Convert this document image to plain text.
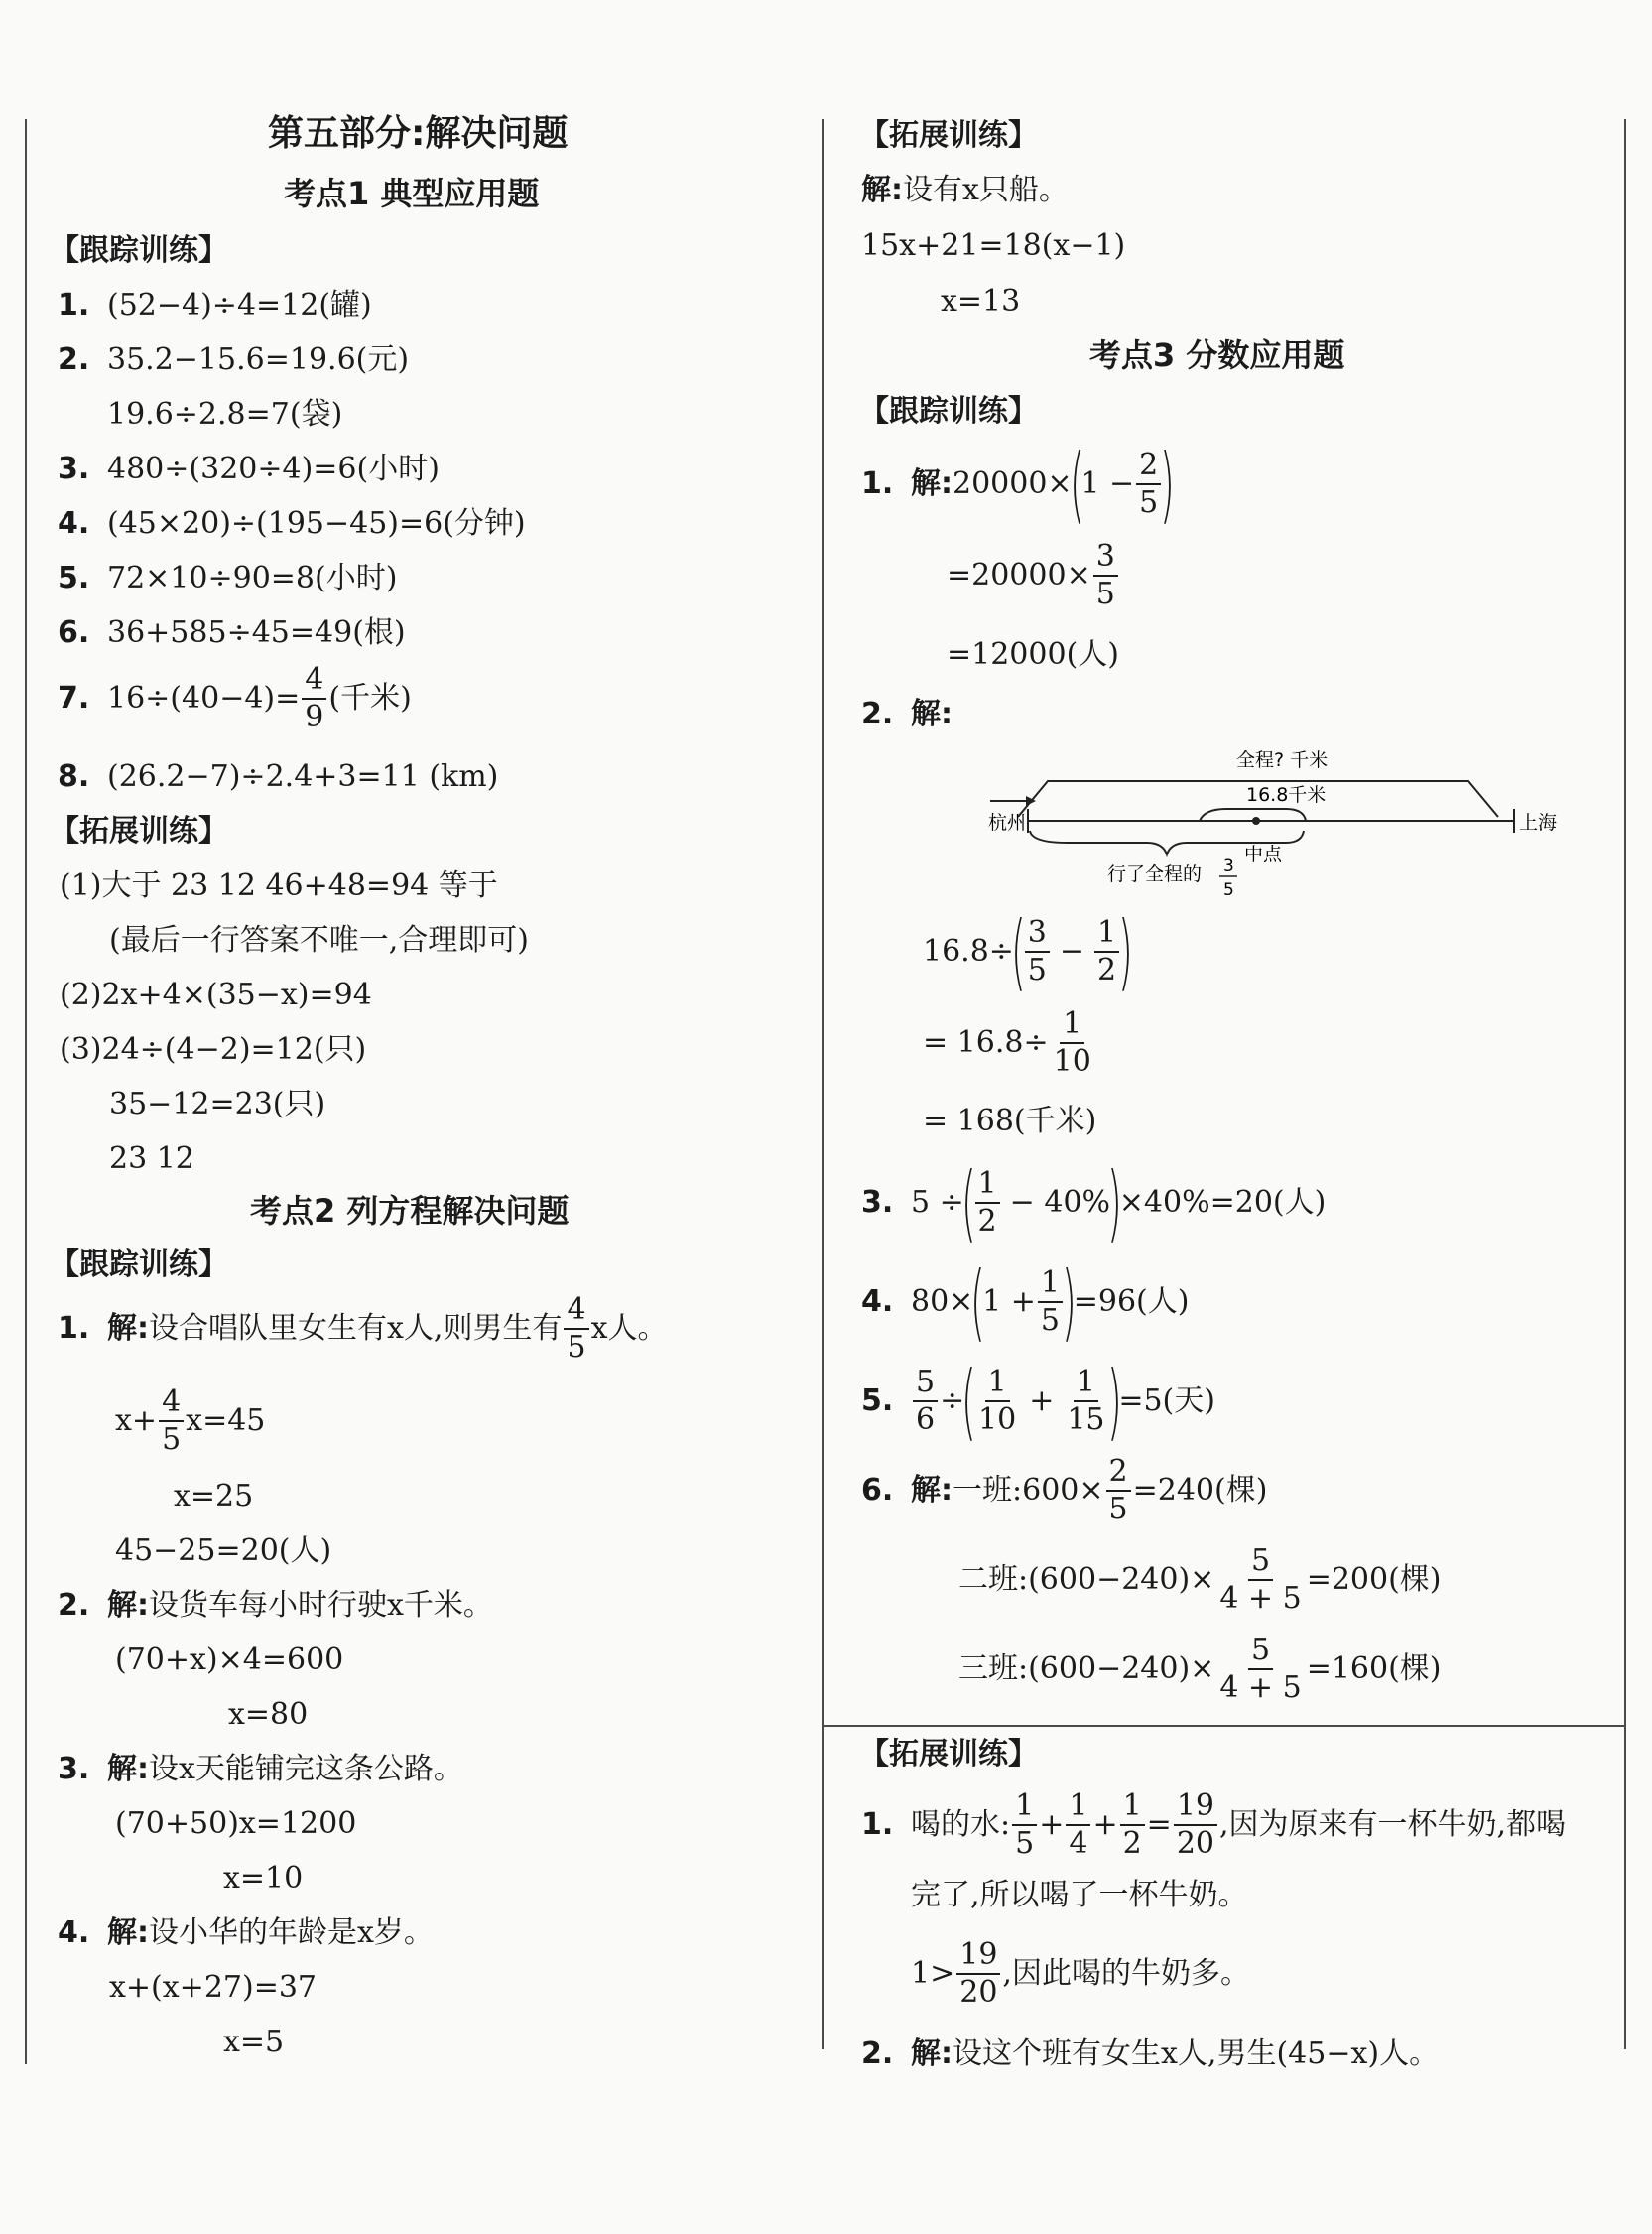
第五部分:解决问题
考点1 典型应用题
【跟踪训练】
1. (52−4)÷4=12(罐)
2. 35.2−15.6=19.6(元)
19.6÷2.8=7(袋)
3. 480÷(320÷4)=6(小时)
4. (45×20)÷(195−45)=6(分钟)
5. 72×10÷90=8(小时)
6. 36+585÷45=49(根)
7. $16\div(40-4)= \frac{4}{9}$ (千米)
8. (26.2−7)÷2.4+3=11 (km)
【拓展训练】
(1)大于 23 12 46+48=94 等于
(最后一行答案不唯一,合理即可)
(2)2x+4×(35−x)=94
(3)24÷(4−2)=12(只)
35−12=23(只)
23 12
考点2 列方程解决问题
【跟踪训练】
1. 解: 设合唱队里女生有x人,则男生有 $\frac{4}{5}$ x人。
$x+ \frac{4}{5} x=45$
x=25
45−25=20(人)
2. 解:设货车每小时行驶x千米。
(70+x)×4=600
x=80
3. 解:设x天能铺完这条公路。
(70+50)x=1200
x=10
4. 解:设小华的年龄是x岁。
x+(x+27)=37
x=5
【拓展训练】
解:设有x只船。
15x+21=18(x−1)
x=13
考点3 分数应用题
【跟踪训练】
1. 解: 20000×
(
$1 - \frac{2}{5}$ )
$=20000\times \frac{3}{5}$
=12000(人)
2. 解:
全程? 千米
16.8千米
杭州	上海
中点
行了全程的 3
5
16.8÷
( $\frac{3}{5} - \frac{1}{2}$ )
= $16.8\div \frac{1}{10}$
= 168(千米)
3. 5 ÷
( $\frac{1}{2} - 40\%$
)
×40%=20(人)
4. 80×
(
$1 + \frac{1}{5}$ )
=96(人)
5. $\frac{5}{6}$ ÷
( $\frac{1}{10} + \frac{1}{15}$ )
=5(天)
6. 解: 一班:600× $\frac{2}{5} =240$(棵)
二班:(600−240)× $\frac{5}{4 + 5} =200$(棵)
三班:(600−240)× $\frac{5}{4 + 5} =160$(棵)
【拓展训练】
1. 喝的水: $\frac{1}{5} + \frac{1}{4} + \frac{1}{2} = \frac{19}{20}$ ,因为原来有一杯牛奶,都喝
完了,所以喝了一杯牛奶。
$1> \frac{19}{20}$ ,因此喝的牛奶多。
2. 解:设这个班有女生x人,男生(45−x)人。
